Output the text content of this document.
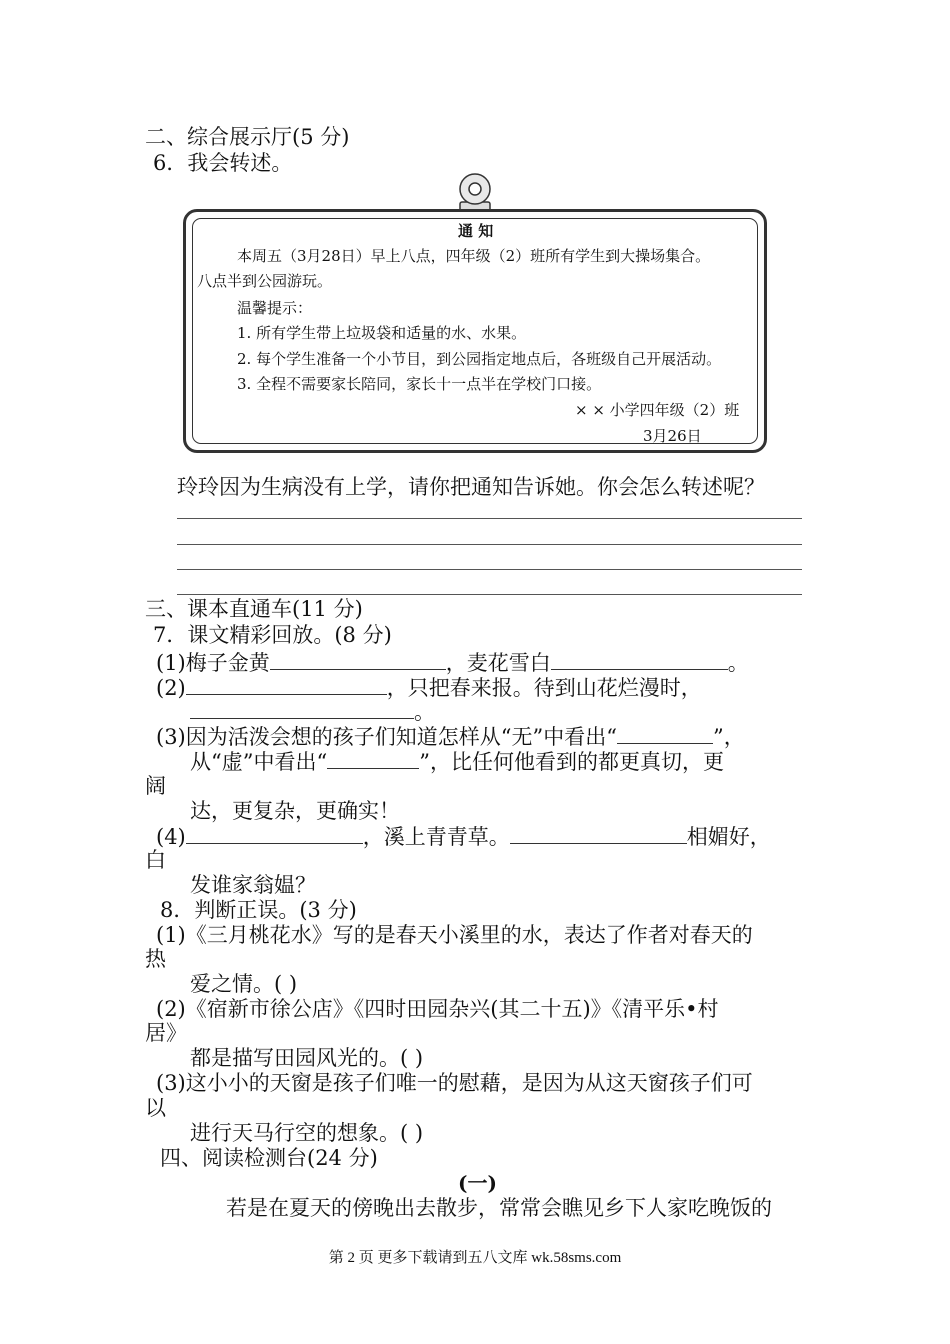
二、综合展示厅(5 分)
6．我会转述。
通 知
本周五（3月28日）早上八点，四年级（2）班所有学生到大操场集合。
八点半到公园游玩。
温馨提示：
1. 所有学生带上垃圾袋和适量的水、水果。
2. 每个学生准备一个小节目，到公园指定地点后，各班级自己开展活动。
3. 全程不需要家长陪同，家长十一点半在学校门口接。
× × 小学四年级（2）班
3月26日
玲玲因为生病没有上学，请你把通知告诉她。你会怎么转述呢？
三、课本直通车(11 分)
7．课文精彩回放。(8 分)
(1)梅子金黄	，麦花雪白	。
(2)	，只把春来报。待到山花烂漫时，
。
(3)因为活泼会想的孩子们知道怎样从“无”中看出“	”，
从“虚”中看出“	”，比任何他看到的都更真切，更
阔
达，更复杂，更确实！
(4)	，溪上青青草。	相媚好，
白
发谁家翁媪？
8．判断正误。(3 分)
(1)《三月桃花水》写的是春天小溪里的水，表达了作者对春天的
热
爱之情。( )
(2)《宿新市徐公店》《四时田园杂兴(其二十五)》《清平乐•村
居》
都是描写田园风光的。( )
(3)这小小的天窗是孩子们唯一的慰藉，是因为从这天窗孩子们可
以
进行天马行空的想象。( )
四、阅读检测台(24 分)
(一)
若是在夏天的傍晚出去散步，常常会瞧见乡下人家吃晚饭的
第 2 页 更多下载请到五八文库 wk.58sms.com
